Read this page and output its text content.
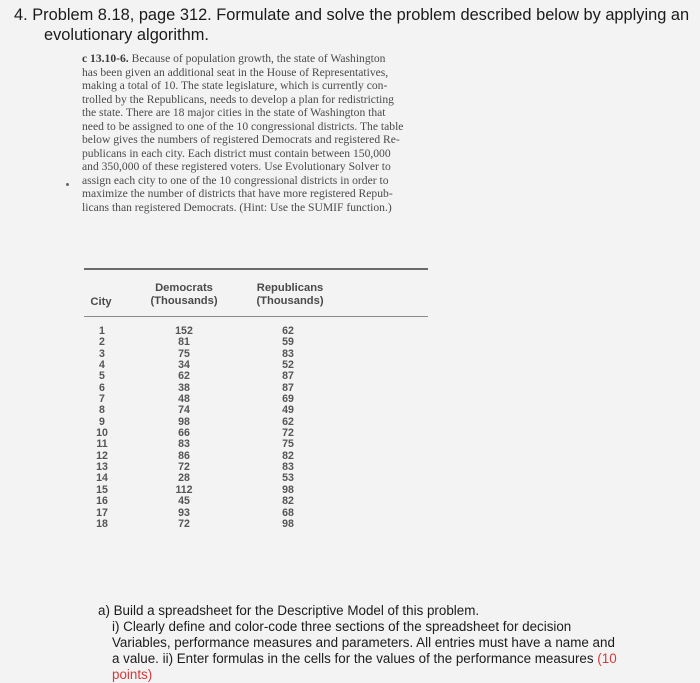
4. Problem 8.18, page 312. Formulate and solve the problem described below by applying an
evolutionary algorithm.
c 13.10-6. Because of population growth, the state of Washington
has been given an additional seat in the House of Representatives,
making a total of 10. The state legislature, which is currently con-
trolled by the Republicans, needs to develop a plan for redistricting
the state. There are 18 major cities in the state of Washington that
need to be assigned to one of the 10 congressional districts. The table
below gives the numbers of registered Democrats and registered Re-
publicans in each city. Each district must contain between 150,000
and 350,000 of these registered voters. Use Evolutionary Solver to
assign each city to one of the 10 congressional districts in order to
maximize the number of districts that have more registered Repub-
licans than registered Democrats. (Hint: Use the SUMIF function.)
Democrats
(Thousands)
Republicans
(Thousands)
City
1
2
3
4
5
6
7
8
9
10
11
12
13
14
15
16
17
18
152
81
75
34
62
38
48
74
98
66
83
86
72
28
112
45
93
72
62
59
83
52
87
87
69
49
62
72
75
82
83
53
98
82
68
98
a) Build a spreadsheet for the Descriptive Model of this problem.
i) Clearly define and color-code three sections of the spreadsheet for decision
Variables, performance measures and parameters. All entries must have a name and
a value. ii) Enter formulas in the cells for the values of the performance measures (10
points)
